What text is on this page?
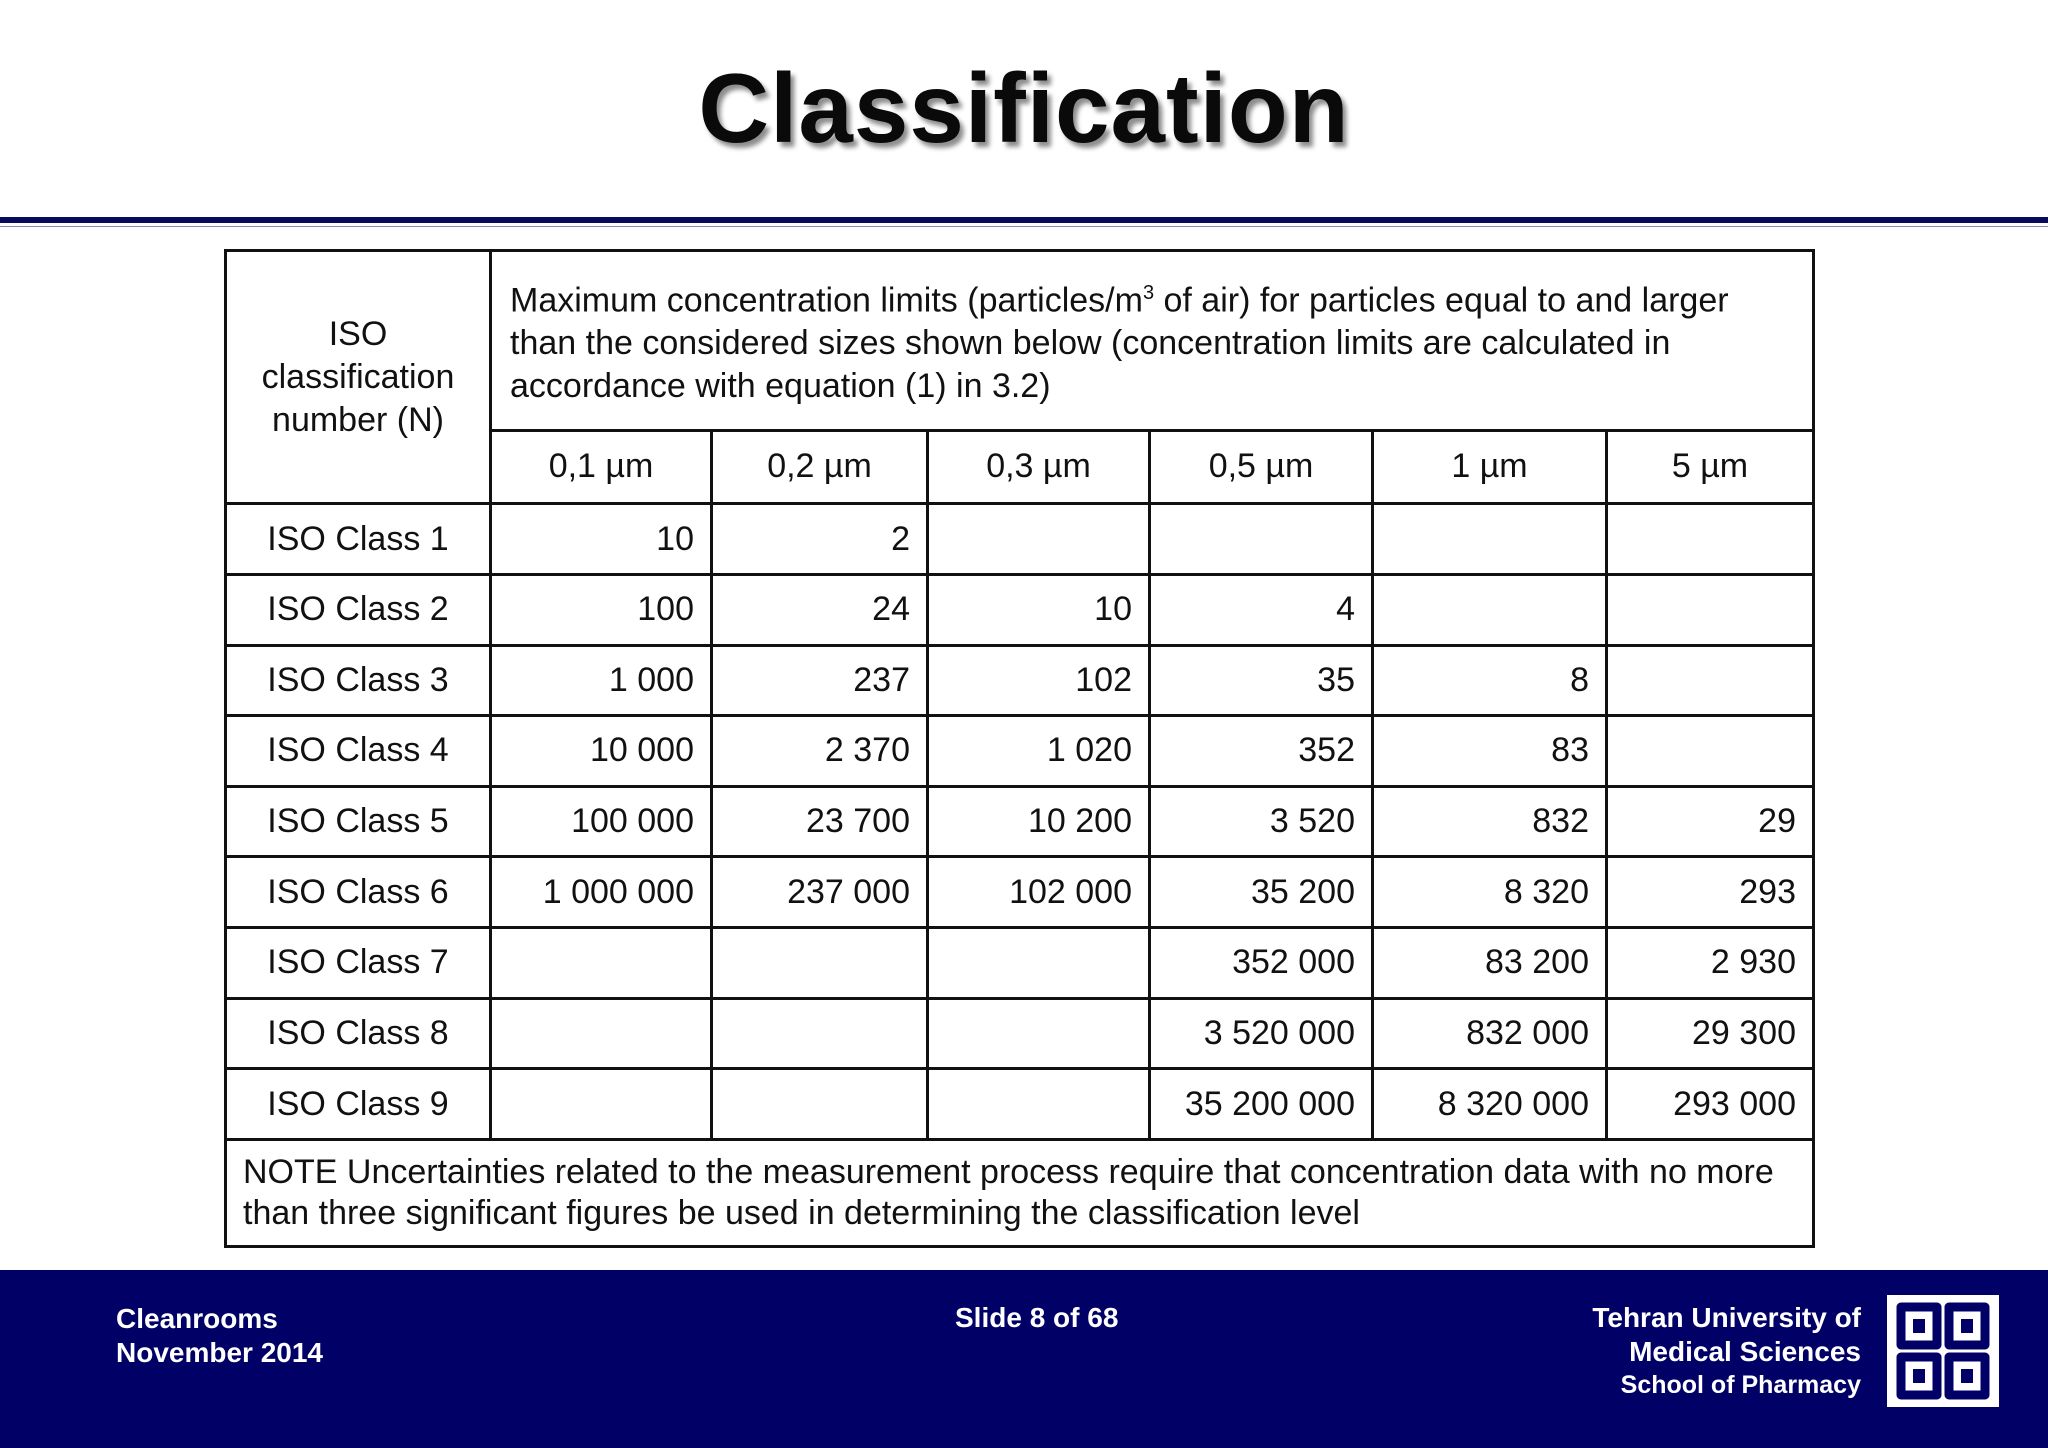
Classification
ISO
classification
number (N)	Maximum concentration limits ($particles/m^3$ of air) for particles equal to and larger than the considered sizes shown below (concentration limits are calculated in accordance with equation (1) in 3.2)					
	0,1 µm	0,2 µm	0,3 µm	0,5 µm	1 µm	5 µm
ISO Class 1	10	2				
ISO Class 2	100	24	10	4		
ISO Class 3	1 000	237	102	35	8	
ISO Class 4	10 000	2 370	1 020	352	83	
ISO Class 5	100 000	23 700	10 200	3 520	832	29
ISO Class 6	1 000 000	237 000	102 000	35 200	8 320	293
ISO Class 7				352 000	83 200	2 930
ISO Class 8				3 520 000	832 000	29 300
ISO Class 9				35 200 000	8 320 000	293 000
NOTE Uncertainties related to the measurement process require that concentration data with no more than three significant figures be used in determining the classification level						
Cleanrooms
November 2014
Slide 8 of 68	Tehran University of
Medical Sciences
School of Pharmacy
